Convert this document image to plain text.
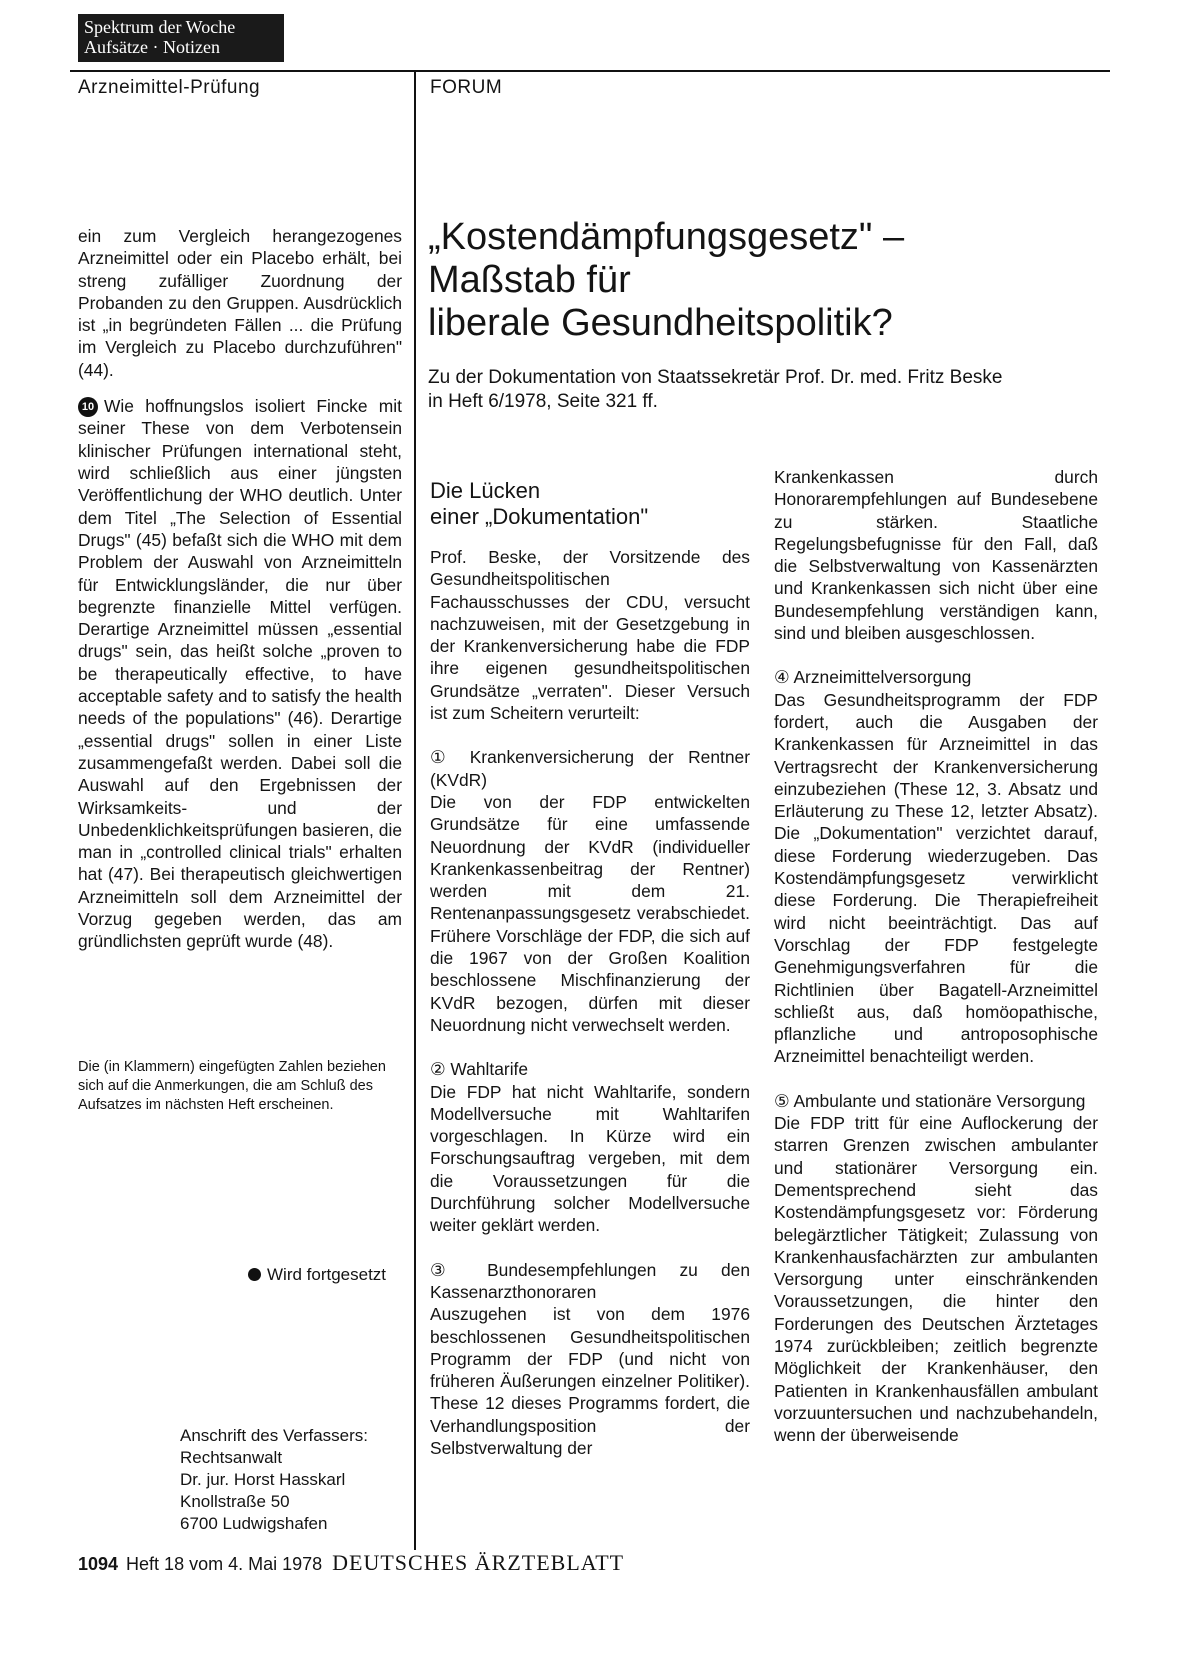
Spektrum der Woche
Aufsätze · Notizen
Arzneimittel-Prüfung	FORUM

ein zum Vergleich herangezogenes Arzneimittel oder ein Placebo erhält, bei streng zufälliger Zuordnung der Probanden zu den Gruppen. Ausdrücklich ist „in begründeten Fällen ... die Prüfung im Vergleich zu Placebo durchzuführen" (44).

10 Wie hoffnungslos isoliert Fincke mit seiner These von dem Verbotensein klinischer Prüfungen international steht, wird schließlich aus einer jüngsten Veröffentlichung der WHO deutlich. Unter dem Titel „The Selection of Essential Drugs" (45) befaßt sich die WHO mit dem Problem der Auswahl von Arzneimitteln für Entwicklungsländer, die nur über begrenzte finanzielle Mittel verfügen. Derartige Arzneimittel müssen „essential drugs" sein, das heißt solche „proven to be therapeutically effective, to have acceptable safety and to satisfy the health needs of the populations" (46). Derartige „essential drugs" sollen in einer Liste zusammengefaßt werden. Dabei soll die Auswahl auf den Ergebnissen der Wirksamkeits- und der Unbedenklichkeitsprüfungen basieren, die man in „controlled clinical trials" erhalten hat (47). Bei therapeutisch gleichwertigen Arzneimitteln soll dem Arzneimittel der Vorzug gegeben werden, das am gründlichsten geprüft wurde (48).

Die (in Klammern) eingefügten Zahlen beziehen sich auf die Anmerkungen, die am Schluß des Aufsatzes im nächsten Heft erscheinen.
Wird fortgesetzt
Anschrift des Verfassers:
Rechtsanwalt
Dr. jur. Horst Hasskarl
Knollstraße 50
6700 Ludwigshafen
„Kostendämpfungsgesetz" –
Maßstab für
liberale Gesundheitspolitik?
Zu der Dokumentation von Staatssekretär Prof. Dr. med. Fritz Beske
in Heft 6/1978, Seite 321 ff.
Die Lücken
einer „Dokumentation"

Prof. Beske, der Vorsitzende des Gesundheitspolitischen Fachausschusses der CDU, versucht nachzuweisen, mit der Gesetzgebung in der Krankenversicherung habe die FDP ihre eigenen gesundheitspolitischen Grundsätze „verraten". Dieser Versuch ist zum Scheitern verurteilt:

① Krankenversicherung der Rentner (KVdR)

Die von der FDP entwickelten Grundsätze für eine umfassende Neuordnung der KVdR (individueller Krankenkassenbeitrag der Rentner) werden mit dem 21. Rentenanpassungsgesetz verabschiedet. Frühere Vorschläge der FDP, die sich auf die 1967 von der Großen Koalition beschlossene Mischfinanzierung der KVdR bezogen, dürfen mit dieser Neuordnung nicht verwechselt werden.

② Wahltarife

Die FDP hat nicht Wahltarife, sondern Modellversuche mit Wahltarifen vorgeschlagen. In Kürze wird ein Forschungsauftrag vergeben, mit dem die Voraussetzungen für die Durchführung solcher Modellversuche weiter geklärt werden.

③ Bundesempfehlungen zu den Kassenarzthonoraren

Auszugehen ist von dem 1976 beschlossenen Gesundheitspolitischen Programm der FDP (und nicht von früheren Äußerungen einzelner Politiker). These 12 dieses Programms fordert, die Verhandlungsposition der Selbstverwaltung der

Krankenkassen durch Honorarempfehlungen auf Bundesebene zu stärken. Staatliche Regelungsbefugnisse für den Fall, daß die Selbstverwaltung von Kassenärzten und Krankenkassen sich nicht über eine Bundesempfehlung verständigen kann, sind und bleiben ausgeschlossen.

④ Arzneimittelversorgung

Das Gesundheitsprogramm der FDP fordert, auch die Ausgaben der Krankenkassen für Arzneimittel in das Vertragsrecht der Krankenversicherung einzubeziehen (These 12, 3. Absatz und Erläuterung zu These 12, letzter Absatz). Die „Dokumentation" verzichtet darauf, diese Forderung wiederzugeben. Das Kostendämpfungsgesetz verwirklicht diese Forderung. Die Therapiefreiheit wird nicht beeinträchtigt. Das auf Vorschlag der FDP festgelegte Genehmigungsverfahren für die Richtlinien über Bagatell-Arzneimittel schließt aus, daß homöopathische, pflanzliche und antroposophische Arzneimittel benachteiligt werden.

⑤ Ambulante und stationäre Versorgung

Die FDP tritt für eine Auflockerung der starren Grenzen zwischen ambulanter und stationärer Versorgung ein. Dementsprechend sieht das Kostendämpfungsgesetz vor: Förderung belegärztlicher Tätigkeit; Zulassung von Krankenhausfachärzten zur ambulanten Versorgung unter einschränkenden Voraussetzungen, die hinter den Forderungen des Deutschen Ärztetages 1974 zurückbleiben; zeitlich begrenzte Möglichkeit der Krankenhäuser, den Patienten in Krankenhausfällen ambulant vorzuuntersuchen und nachzubehandeln, wenn der überweisende

1094 Heft 18 vom 4. Mai 1978 DEUTSCHES ÄRZTEBLATT
